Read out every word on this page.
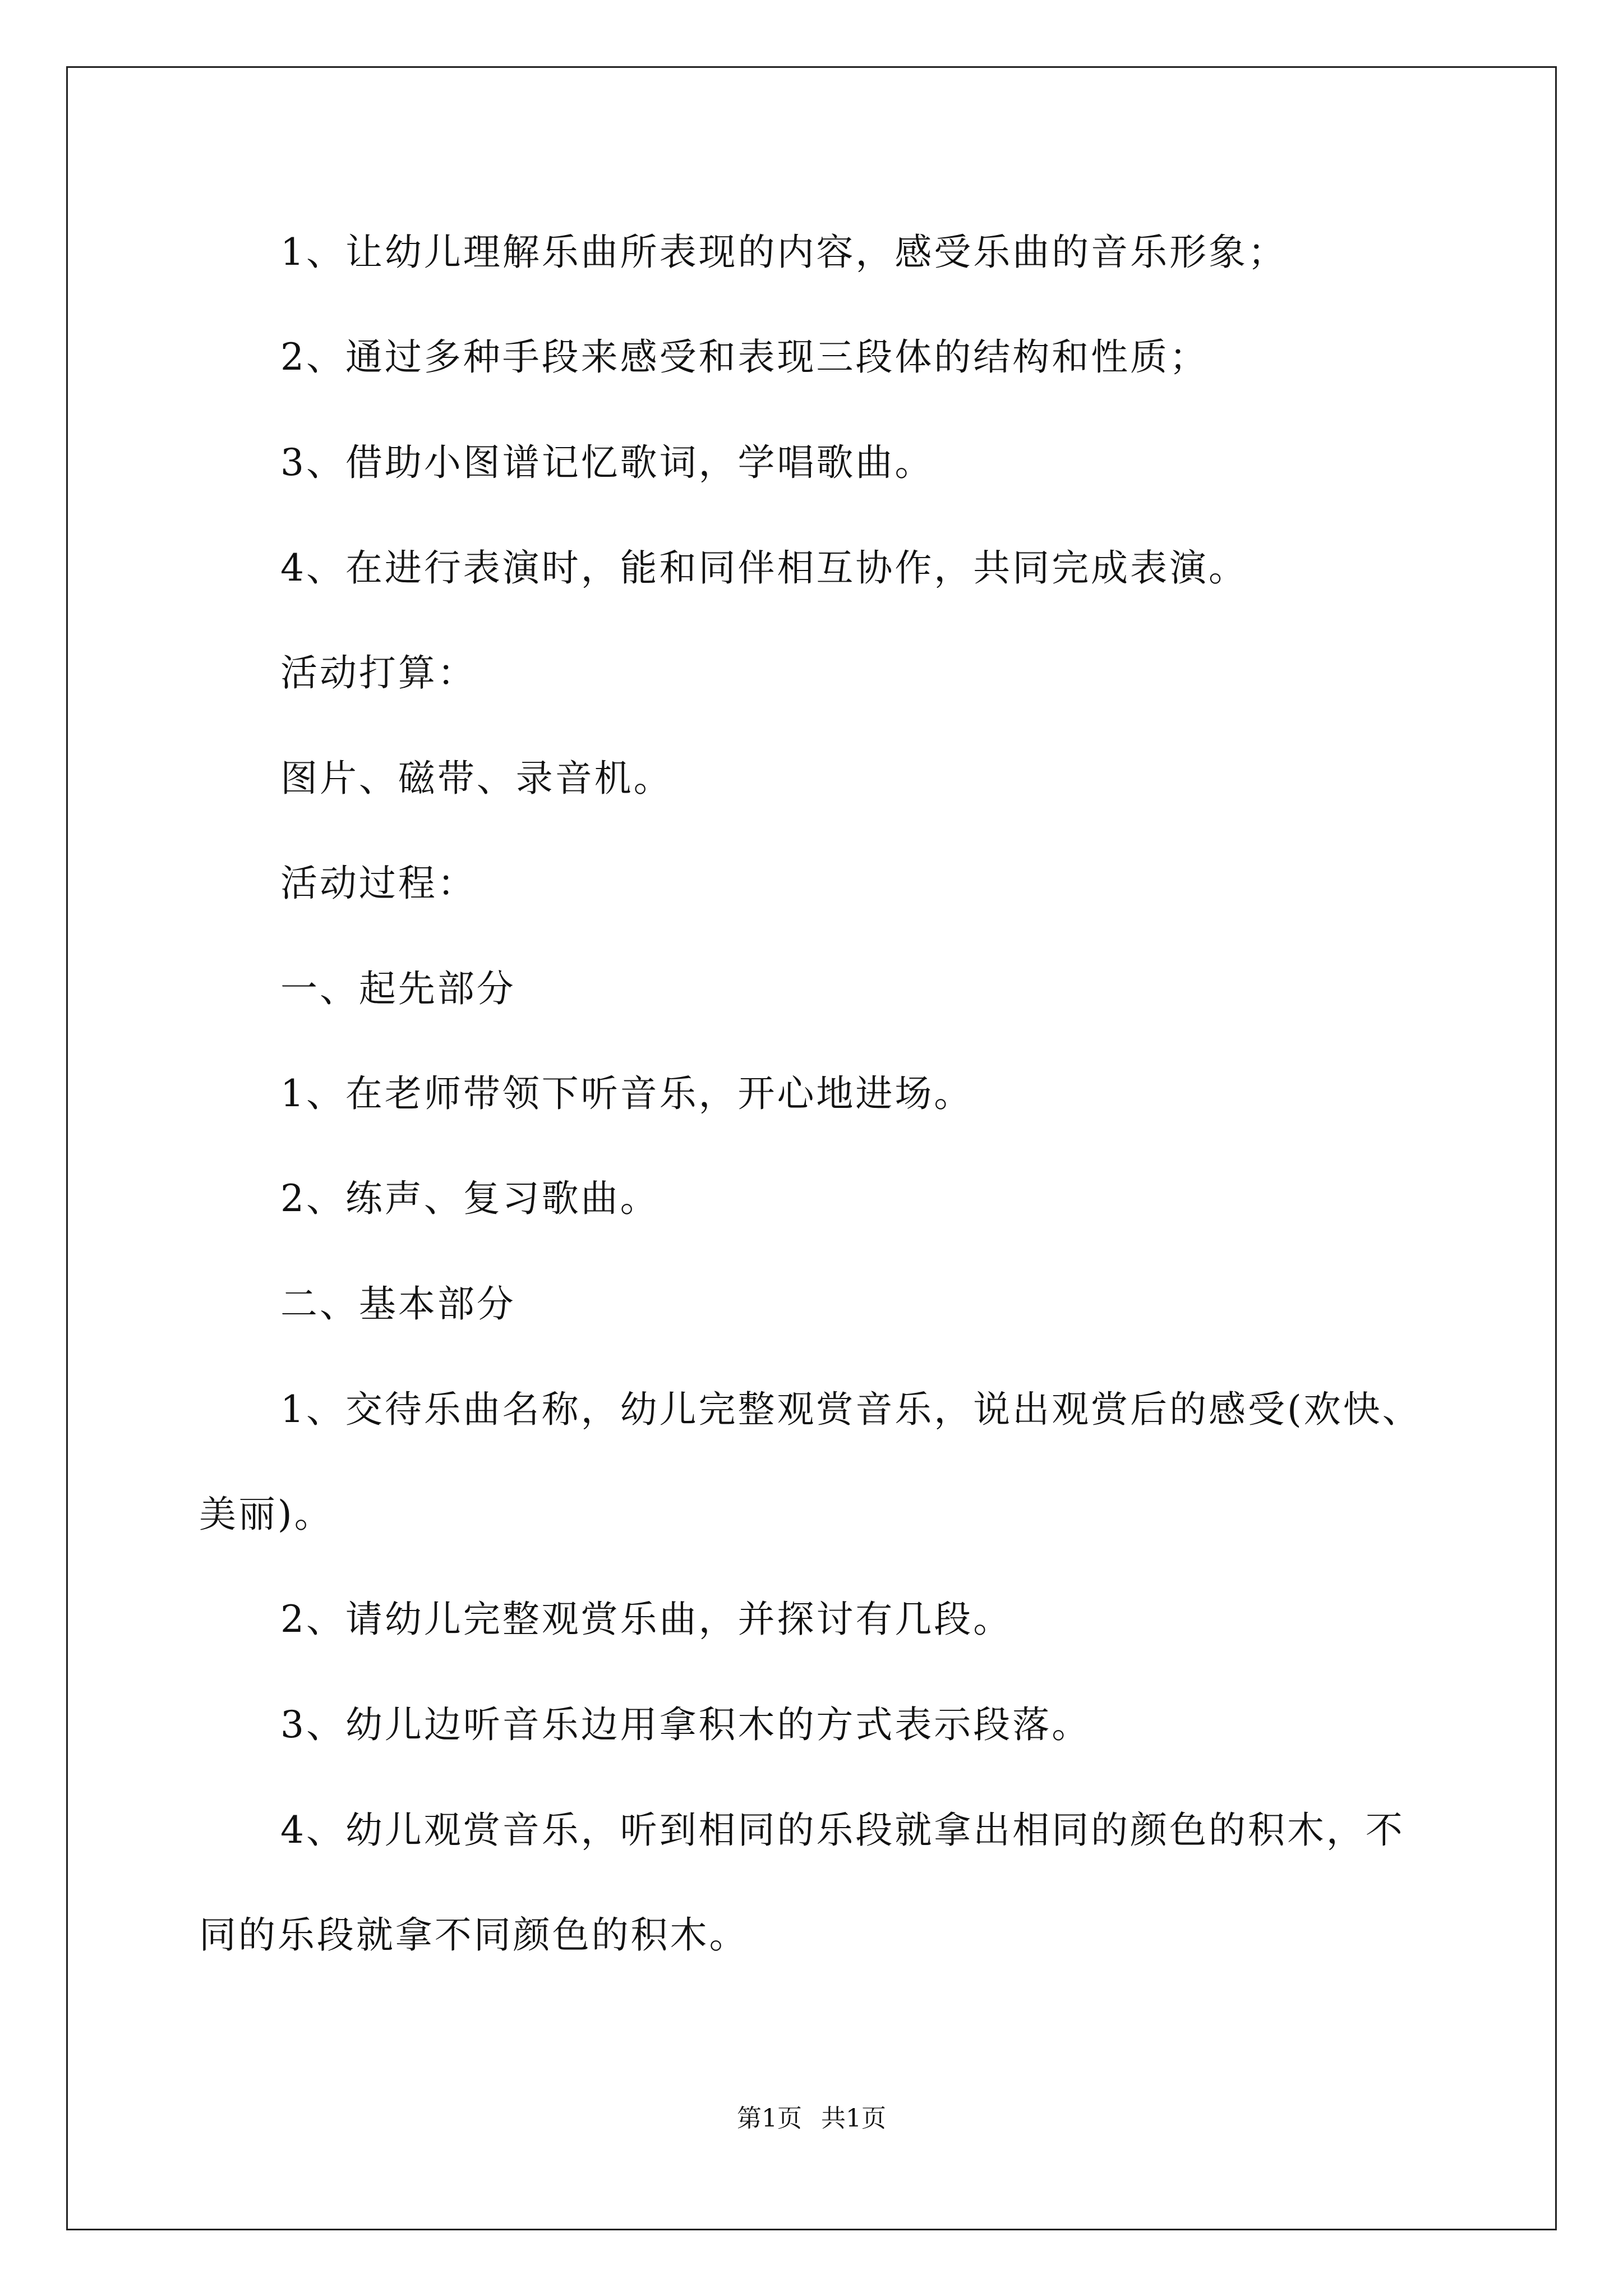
1、让幼儿理解乐曲所表现的内容，感受乐曲的音乐形象；
2、通过多种手段来感受和表现三段体的结构和性质；
3、借助小图谱记忆歌词，学唱歌曲。
4、在进行表演时，能和同伴相互协作，共同完成表演。
活动打算：
图片、磁带、录音机。
活动过程：
一、起先部分
1、在老师带领下听音乐，开心地进场。
2、练声、复习歌曲。
二、基本部分
1、交待乐曲名称，幼儿完整观赏音乐，说出观赏后的感受(欢快、
美丽)。
2、请幼儿完整观赏乐曲，并探讨有几段。
3、幼儿边听音乐边用拿积木的方式表示段落。
4、幼儿观赏音乐，听到相同的乐段就拿出相同的颜色的积木，不
同的乐段就拿不同颜色的积木。
第1页 共1页
